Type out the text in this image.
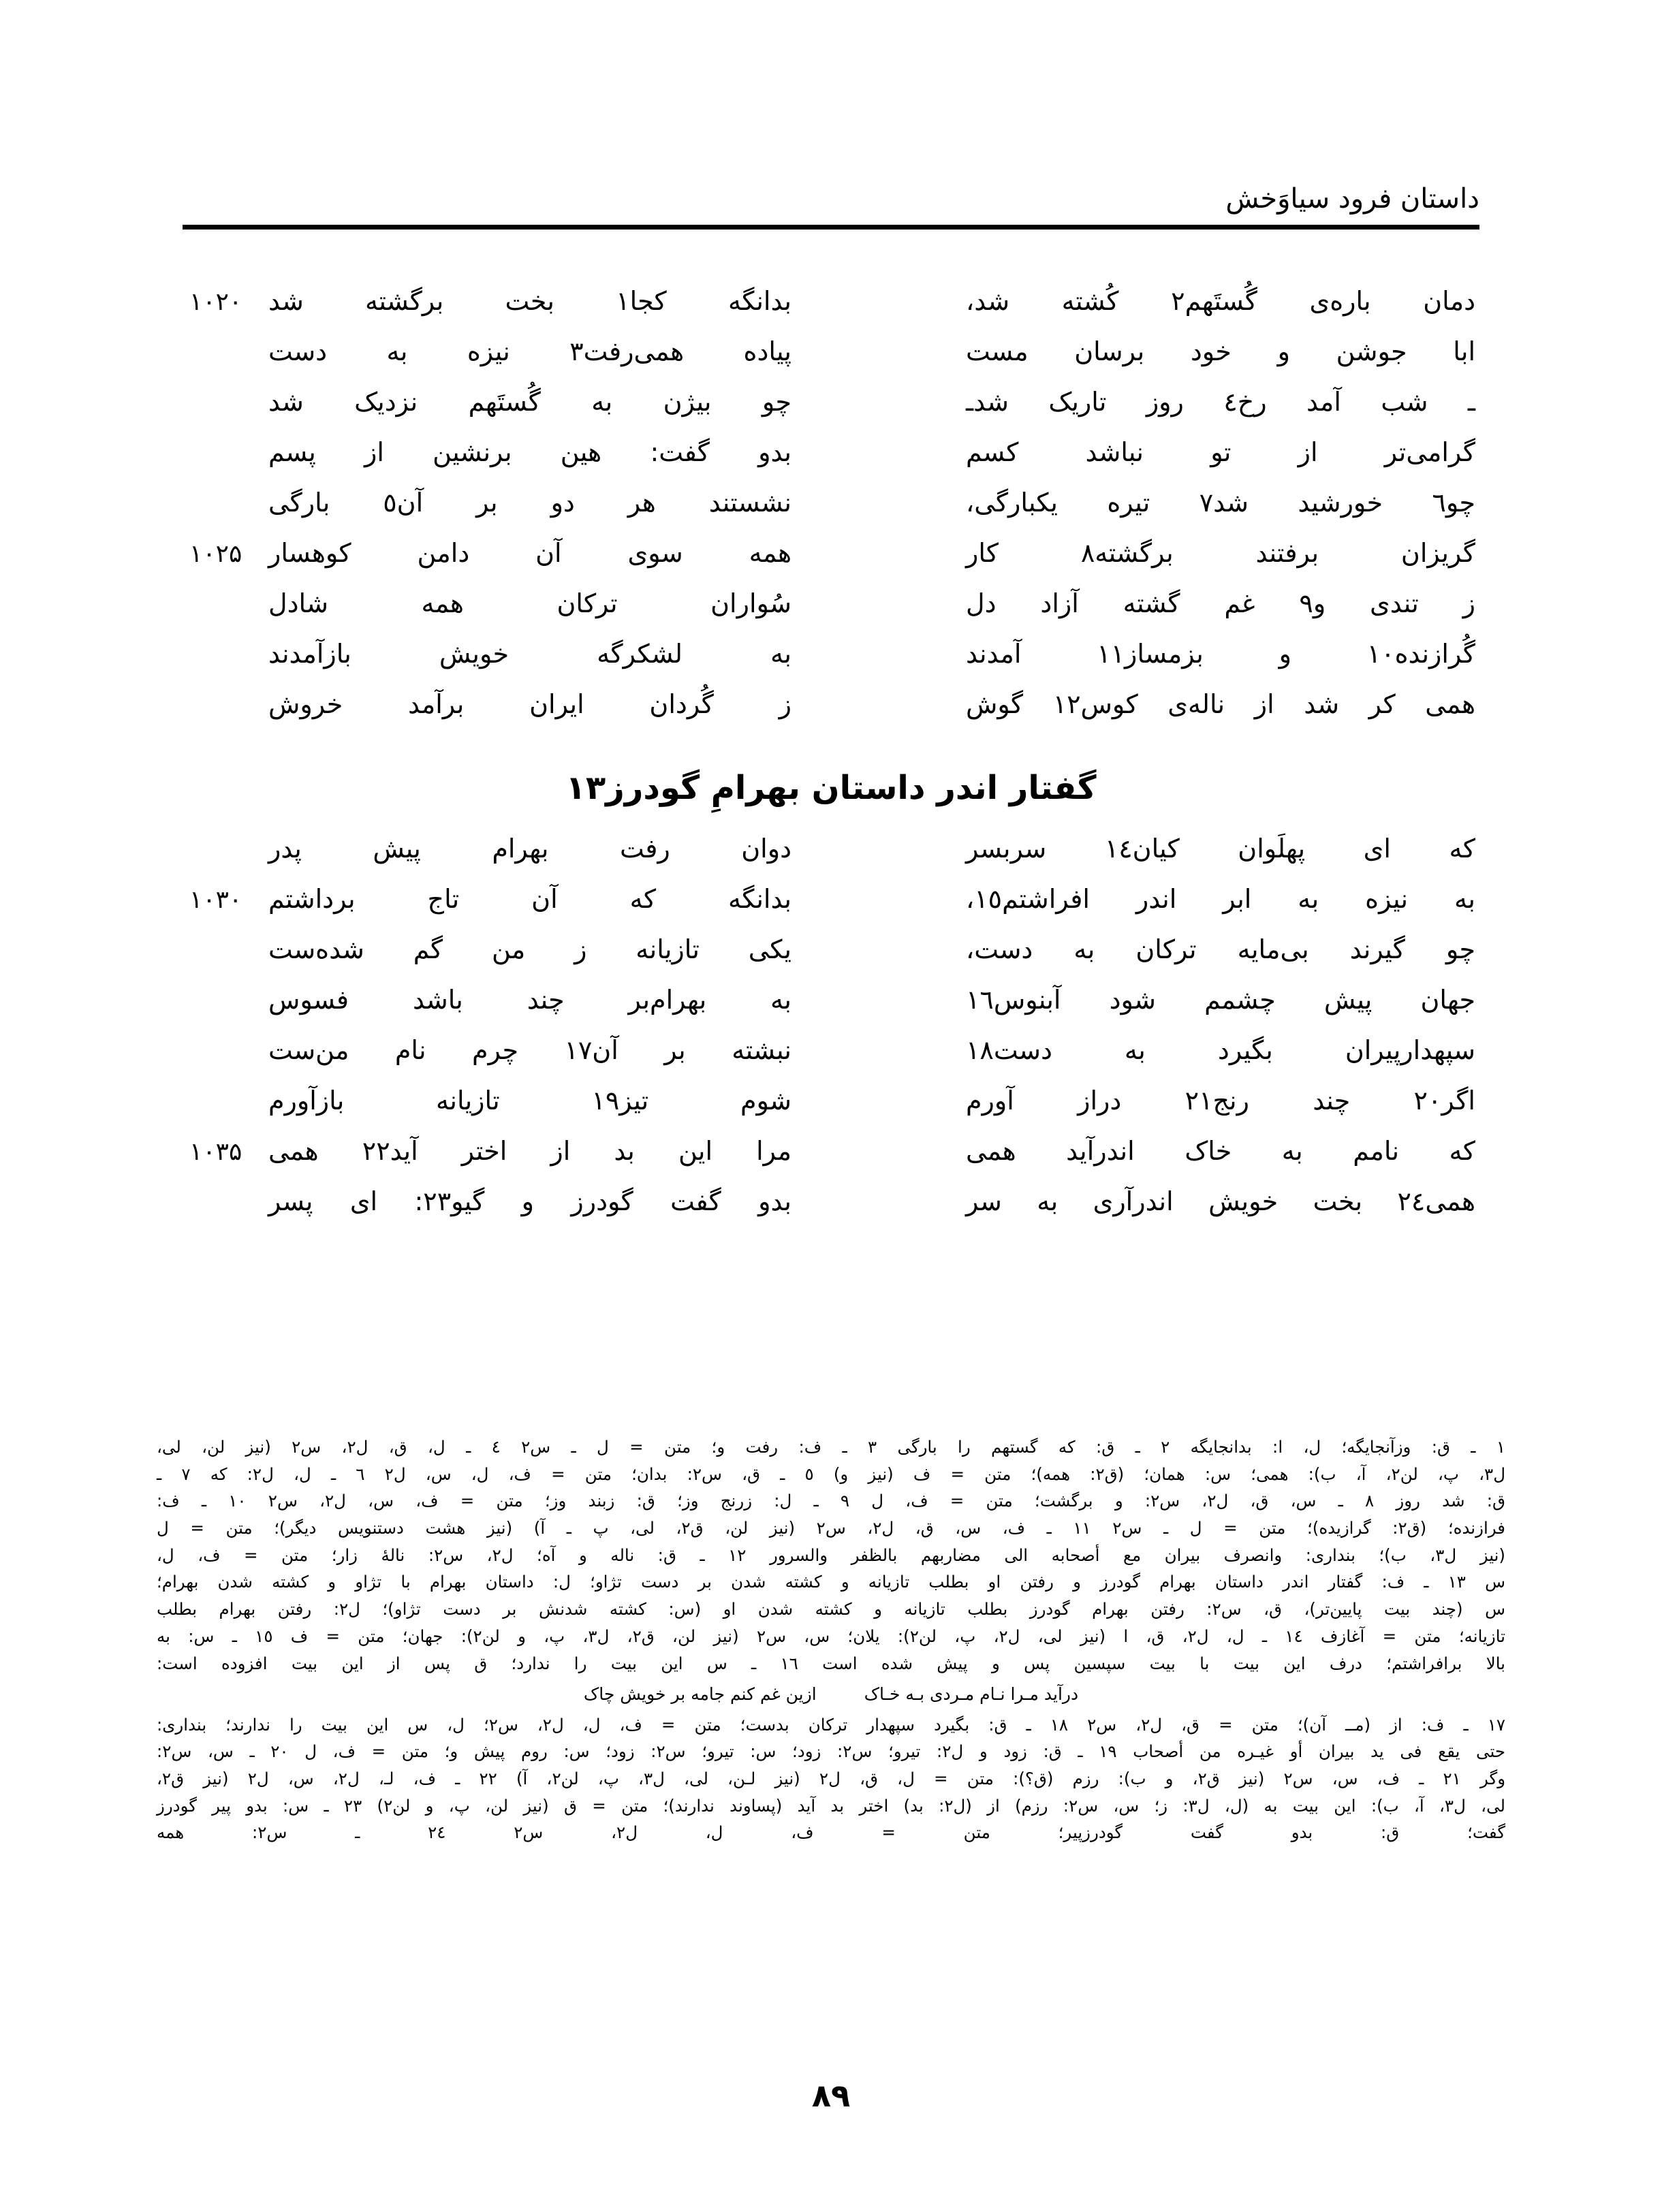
داستان فرود سیاوَخش
دمان باره‌ی گُستَهم٢ کُشته شد،
بدانگه کجا١ بخت برگشته شد
۱۰۲۰
ابا جوشن و خود برسان مست
پیاده همی‌رفت٣ نیزه به دست
ـ شب آمد رخ٤ روز تاریک شدـ
چو بیژن به گُستَهم نزدیک شد
گرامی‌تر از تو نباشد کسم
بدو گفت: هین برنشین از پسم
چو٦ خورشید شد٧ تیره یکبارگی،
نشستند هر دو بر آن٥ بارگی
گریزان برفتند برگشته٨ کار
همه سوی آن دامن کوهسار
۱۰۲۵
ز تندی و٩ غم گشته آزاد دل
سُواران ترکان همه شادل
گُرازنده١٠ و بزمساز١١ آمدند
به لشکرگه خویش بازآمدند
همی کر شد از ناله‌ی کوس١٢ گوش
ز گُردان ایران برآمد خروش
گفتار اندر داستان بهرامِ گودرز١٣
که ای پهلَوان کیان١٤ سربسر
دوان رفت بهرام پیش پدر
به نیزه به ابر اندر افراشتم١٥،
بدانگه که آن تاج برداشتم
۱۰۳۰
چو گیرند بی‌مایه ترکان به دست،
یکی تازیانه ز من گم شده‌ست
جهان پیش چشمم شود آبنوس١٦
به بهرام‌بر چند باشد فسوس
سپهدارپیران بگیرد به دست١٨
نبشته بر آن١٧ چرم نام من‌ست
اگر٢٠ چند رنج٢١ دراز آورم
شوم تیز١٩ تازیانه بازآورم
که نامم به خاک اندرآید همی
مرا این بد از اختر آید٢٢ همی
۱۰۳۵
همی٢٤ بخت خویش اندرآری به سر
بدو گفت گودرز و گیو٢٣: ای پسر
١ ـ ق: وزآنجایگه؛ ل، ا: بدانجایگه ٢ ـ ق: که گستهم را بارگی ٣ ـ ف: رفت و؛ متن = ل ـ س٢ ٤ ـ ل، ق، ل٢، س٢ (نیز لن، لی،
ل٣، پ، لن٢، آ، ب): همی؛ س: همان؛ (ق٢: همه)؛ متن = ف (نیز و) ٥ ـ ق، س٢: بدان؛ متن = ف، ل، س، ل٢ ٦ ـ ل، ل٢: که ٧ ـ
ق: شد روز ٨ ـ س، ق، ل٢، س٢: و برگشت؛ متن = ف، ل ٩ ـ ل: زرنج وز؛ ق: زبند وز؛ متن = ف، س، ل٢، س٢ ١٠ ـ ف:
فرازنده؛ (ق٢: گرازیده)؛ متن = ل ـ س٢ ١١ ـ ف، س، ق، ل٢، س٢ (نیز لن، ق٢، لی، پ ـ آ) (نیز هشت دستنویس دیگر)؛ متن = ل
(نیز ل٣، ب)؛ بنداری: وانصرف بیران مع أصحابه الی مضاربهم بالظفر والسرور ١٢ ـ ق: ناله و آه؛ ل٢، س٢: نالهٔ زار؛ متن = ف، ل،
س ١٣ ـ ف: گفتار اندر داستان بهرام گودرز و رفتن او بطلب تازیانه و کشته شدن بر دست تژاو؛ ل: داستان بهرام با تژاو و کشته شدن بهرام؛
س (چند بیت پایین‌تر)، ق، س٢: رفتن بهرام گودرز بطلب تازیانه و کشته شدن او (س: کشته شدنش بر دست تژاو)؛ ل٢: رفتن بهرام بطلب
تازیانه؛ متن = آغازف ١٤ ـ ل، ل٢، ق، ا (نیز لی، ل٢، پ، لن٢): یلان؛ س، س٢ (نیز لن، ق٢، ل٣، پ، و لن٢): جهان؛ متن = ف ١٥ ـ س: به
بالا برافراشتم؛ درف این بیت با بیت سپسین پس و پیش شده است ١٦ ـ س این بیت را ندارد؛ ق پس از این بیت افزوده است:
درآید مـرا نـام مـردی بـه خـاک
ازین غم کنم جامه بر خویش چاک
١٧ ـ ف: از (مــ آن)؛ متن = ق، ل٢، س٢ ١٨ ـ ق: بگیرد سپهدار ترکان بدست؛ متن = ف، ل، ل٢، س٢؛ ل، س این بیت را ندارند؛ بنداری:
حتی یقع فی ید بیران أو غیـره من أصحاب ١٩ ـ ق: زود و ل٢: تیرو؛ س٢: زود؛ س: تیرو؛ س٢: زود؛ س: روم پیش و؛ متن = ف، ل ٢٠ ـ س، س٢:
وگر ٢١ ـ ف، س، س٢ (نیز ق٢، و ب): رزم (ق؟): متن = ل، ق، ل٢ (نیز لـن، لی، ل٣، پ، لن٢، آ) ٢٢ ـ ف، لـ، ل٢، س، ل٢ (نیز ق٢،
لی، ل٣، آ، ب): این بیت به (ل، ل٣: ز؛ س، س٢: رزم) از (ل٢: بد) اختر بد آید (پساوند ندارند)؛ متن = ق (نیز لن، پ، و لن٢) ٢٣ ـ س: بدو پیر گودرز
گفت؛ ق: بدو گفت گودرزپیر؛ متن = ف، ل، ل٢، س٢ ٢٤ ـ س٢: همه
۸۹
